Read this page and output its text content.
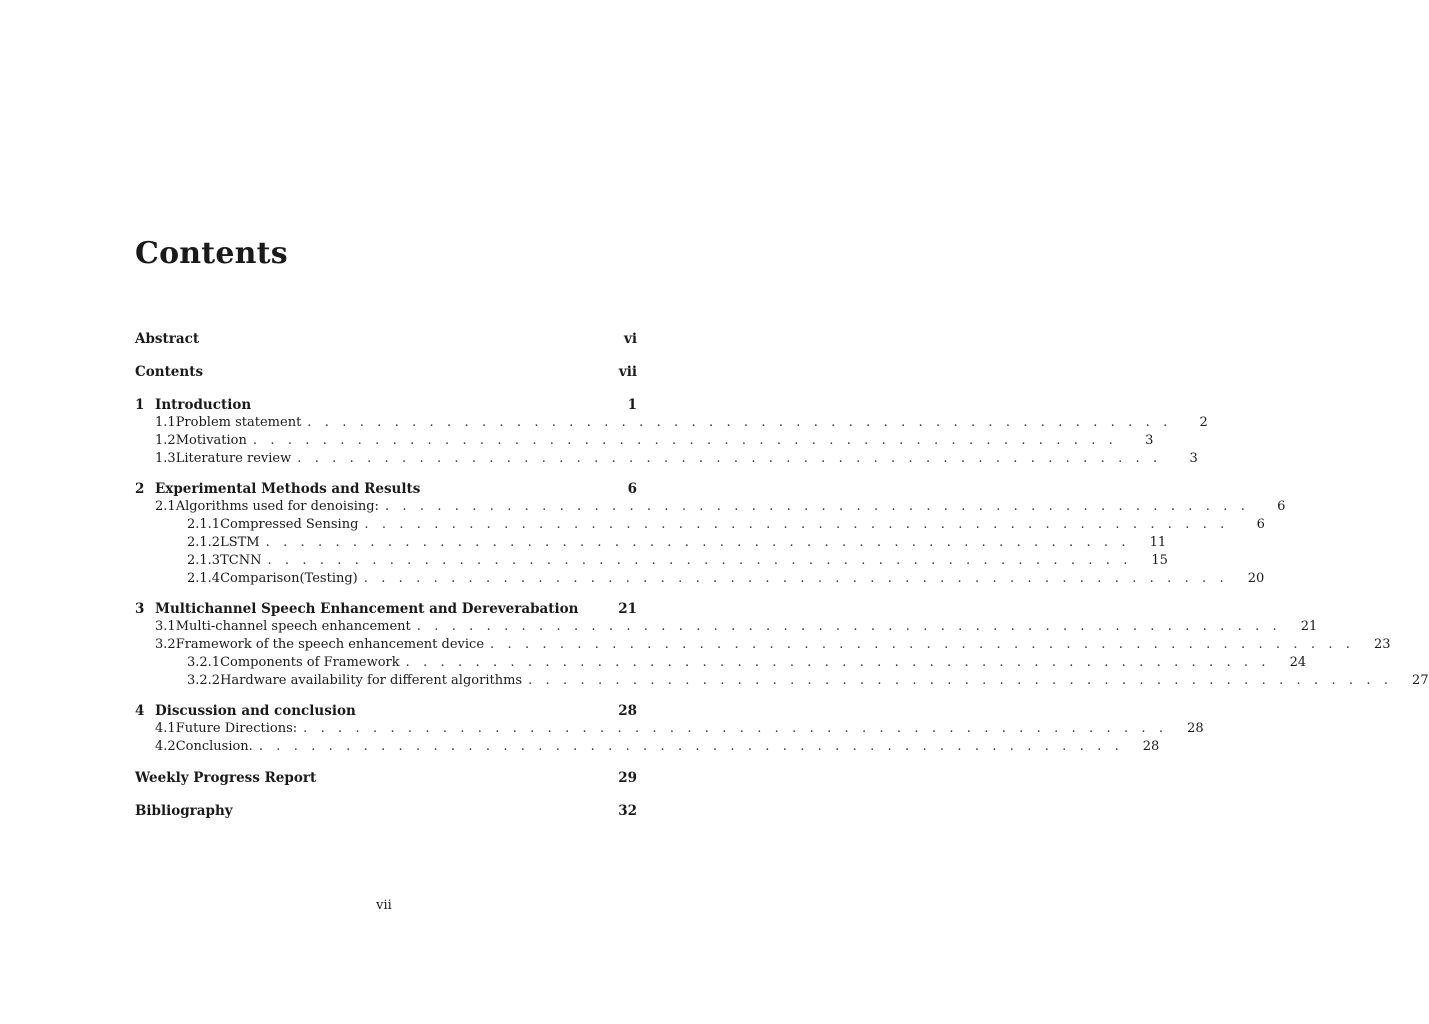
Contents
Abstract	vi
Contents	vii
1 Introduction	1
1.1 Problem statement . . . . . . . . . . . . . . . . . . . . . . . . . . . . . . . . . . . . . . . . . . . . . . . . . .	2
1.2 Motivation . . . . . . . . . . . . . . . . . . . . . . . . . . . . . . . . . . . . . . . . . . . . . . . . . .	3
1.3 Literature review . . . . . . . . . . . . . . . . . . . . . . . . . . . . . . . . . . . . . . . . . . . . . . . . . .	3
2 Experimental Methods and Results	6
2.1 Algorithms used for denoising: . . . . . . . . . . . . . . . . . . . . . . . . . . . . . . . . . . . . . . . . . . . . . . . . . .	6
2.1.1 Compressed Sensing . . . . . . . . . . . . . . . . . . . . . . . . . . . . . . . . . . . . . . . . . . . . . . . . . .	6
2.1.2 LSTM . . . . . . . . . . . . . . . . . . . . . . . . . . . . . . . . . . . . . . . . . . . . . . . . . .	11
2.1.3 TCNN . . . . . . . . . . . . . . . . . . . . . . . . . . . . . . . . . . . . . . . . . . . . . . . . . .	15
2.1.4 Comparison(Testing) . . . . . . . . . . . . . . . . . . . . . . . . . . . . . . . . . . . . . . . . . . . . . . . . . .	20
3 Multichannel Speech Enhancement and Dereverabation	21
3.1 Multi-channel speech enhancement . . . . . . . . . . . . . . . . . . . . . . . . . . . . . . . . . . . . . . . . . . . . . . . . . .	21
3.2 Framework of the speech enhancement device . . . . . . . . . . . . . . . . . . . . . . . . . . . . . . . . . . . . . . . . . . . . . . . . . .	23
3.2.1 Components of Framework . . . . . . . . . . . . . . . . . . . . . . . . . . . . . . . . . . . . . . . . . . . . . . . . . .	24
3.2.2 Hardware availability for different algorithms . . . . . . . . . . . . . . . . . . . . . . . . . . . . . . . . . . . . . . . . . . . . . . . . . .	27
4 Discussion and conclusion	28
4.1 Future Directions: . . . . . . . . . . . . . . . . . . . . . . . . . . . . . . . . . . . . . . . . . . . . . . . . . .	28
4.2 Conclusion. . . . . . . . . . . . . . . . . . . . . . . . . . . . . . . . . . . . . . . . . . . . . . . . . . .	28
Weekly Progress Report	29
Bibliography	32
vii
